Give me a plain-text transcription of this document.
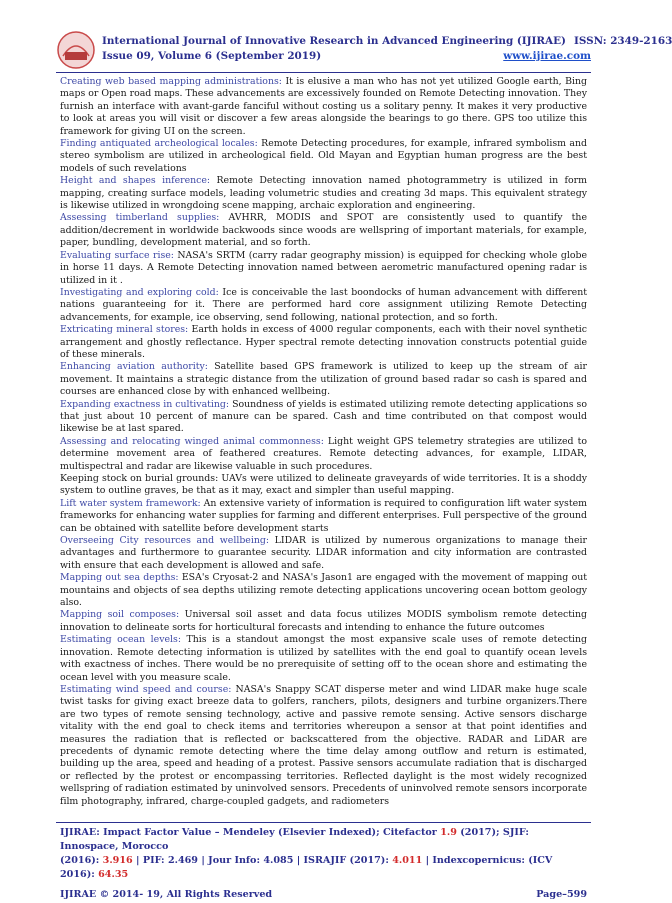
International Journal of Innovative Research in Advanced Engineering (IJIRAE) ISSN: 2349-2163
Issue 09, Volume 6 (September 2019)	www.ijirae.com

Creating web based mapping administrations: It is elusive a man who has not yet utilized Google earth, Bing maps or Open road maps. These advancements are excessively founded on Remote Detecting innovation. They furnish an interface with avant-garde fanciful without costing us a solitary penny. It makes it very productive to look at areas you will visit or discover a few areas alongside the bearings to go there. GPS too utilize this framework for giving UI on the screen.

Finding antiquated archeological locales: Remote Detecting procedures, for example, infrared symbolism and stereo symbolism are utilized in archeological field. Old Mayan and Egyptian human progress are the best models of such revelations

Height and shapes inference: Remote Detecting innovation named photogrammetry is utilized in form mapping, creating surface models, leading volumetric studies and creating 3d maps. This equivalent strategy is likewise utilized in wrongdoing scene mapping, archaic exploration and engineering.

Assessing timberland supplies: AVHRR, MODIS and SPOT are consistently used to quantify the addition/decrement in worldwide backwoods since woods are wellspring of important materials, for example, paper, bundling, development material, and so forth.

Evaluating surface rise: NASA's SRTM (carry radar geography mission) is equipped for checking whole globe in horse 11 days. A Remote Detecting innovation named between aerometric manufactured opening radar is utilized in it .

Investigating and exploring cold: Ice is conceivable the last boondocks of human advancement with different nations guaranteeing for it. There are performed hard core assignment utilizing Remote Detecting advancements, for example, ice observing, send following, national protection, and so forth.

Extricating mineral stores: Earth holds in excess of 4000 regular components, each with their novel synthetic arrangement and ghostly reflectance. Hyper spectral remote detecting innovation constructs potential guide of these minerals.

Enhancing aviation authority: Satellite based GPS framework is utilized to keep up the stream of air movement. It maintains a strategic distance from the utilization of ground based radar so cash is spared and courses are enhanced close by with enhanced wellbeing.

Expanding exactness in cultivating: Soundness of yields is estimated utilizing remote detecting applications so that just about 10 percent of manure can be spared. Cash and time contributed on that compost would likewise be at last spared.

Assessing and relocating winged animal commonness: Light weight GPS telemetry strategies are utilized to determine movement area of feathered creatures. Remote detecting advances, for example, LIDAR, multispectral and radar are likewise valuable in such procedures.

Keeping stock on burial grounds: UAVs were utilized to delineate graveyards of wide territories. It is a shoddy system to outline graves, be that as it may, exact and simpler than useful mapping.

Lift water system framework: An extensive variety of information is required to configuration lift water system frameworks for enhancing water supplies for farming and different enterprises. Full perspective of the ground can be obtained with satellite before development starts

Overseeing City resources and wellbeing: LIDAR is utilized by numerous organizations to manage their advantages and furthermore to guarantee security. LIDAR information and city information are contrasted with ensure that each development is allowed and safe.

Mapping out sea depths: ESA's Cryosat-2 and NASA's Jason1 are engaged with the movement of mapping out mountains and objects of sea depths utilizing remote detecting applications uncovering ocean bottom geology also.

Mapping soil composes: Universal soil asset and data focus utilizes MODIS symbolism remote detecting innovation to delineate sorts for horticultural forecasts and intending to enhance the future outcomes

Estimating ocean levels: This is a standout amongst the most expansive scale uses of remote detecting innovation. Remote detecting information is utilized by satellites with the end goal to quantify ocean levels with exactness of inches. There would be no prerequisite of setting off to the ocean shore and estimating the ocean level with you measure scale.

Estimating wind speed and course: NASA's Snappy SCAT disperse meter and wind LIDAR make huge scale twist tasks for giving exact breeze data to golfers, ranchers, pilots, designers and turbine organizers.There are two types of remote sensing technology, active and passive remote sensing. Active sensors discharge vitality with the end goal to check items and territories whereupon a sensor at that point identifies and measures the radiation that is reflected or backscattered from the objective. RADAR and LiDAR are precedents of dynamic remote detecting where the time delay among outflow and return is estimated, building up the area, speed and heading of a protest. Passive sensors accumulate radiation that is discharged or reflected by the protest or encompassing territories. Reflected daylight is the most widely recognized wellspring of radiation estimated by uninvolved sensors. Precedents of uninvolved remote sensors incorporate film photography, infrared, charge-coupled gadgets, and radiometers

IJIRAE: Impact Factor Value – Mendeley (Elsevier Indexed); Citefactor 1.9 (2017); SJIF: Innospace, Morocco
(2016): 3.916 | PIF: 2.469 | Jour Info: 4.085 | ISRAJIF (2017): 4.011 | Indexcopernicus: (ICV 2016): 64.35
IJIRAE © 2014- 19, All Rights Reserved	Page–599
